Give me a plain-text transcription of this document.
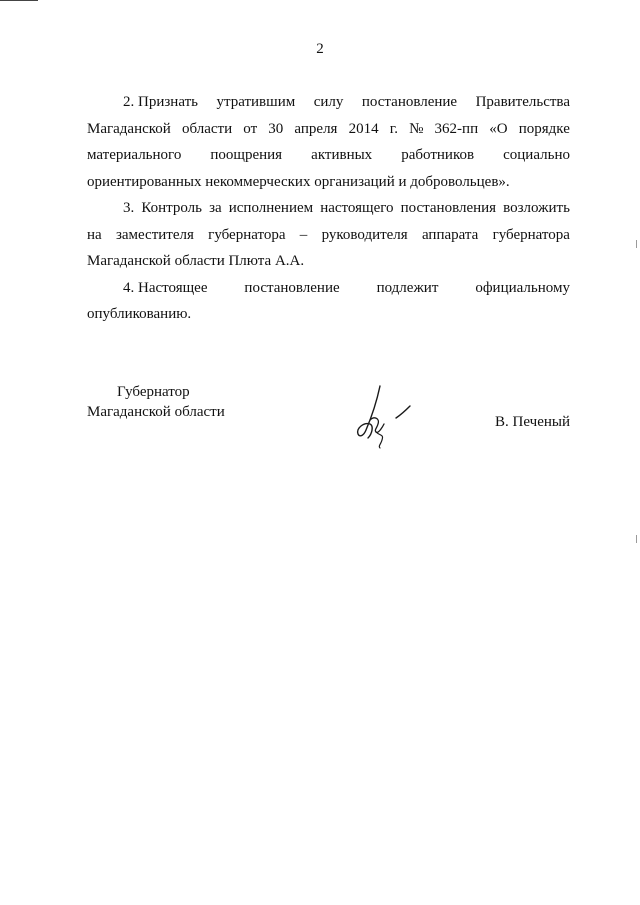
2
2. Признать утратившим силу постановление Правительства
Магаданской области от 30 апреля 2014 г. № 362-пп «О порядке
материального поощрения активных работников социально
ориентированных некоммерческих организаций и добровольцев».
3. Контроль за исполнением настоящего постановления возложить
на заместителя губернатора – руководителя аппарата губернатора
Магаданской области Плюта А.А.
4. Настоящее постановление подлежит официальному
опубликованию.
Губернатор
Магаданской области
В. Печеный
